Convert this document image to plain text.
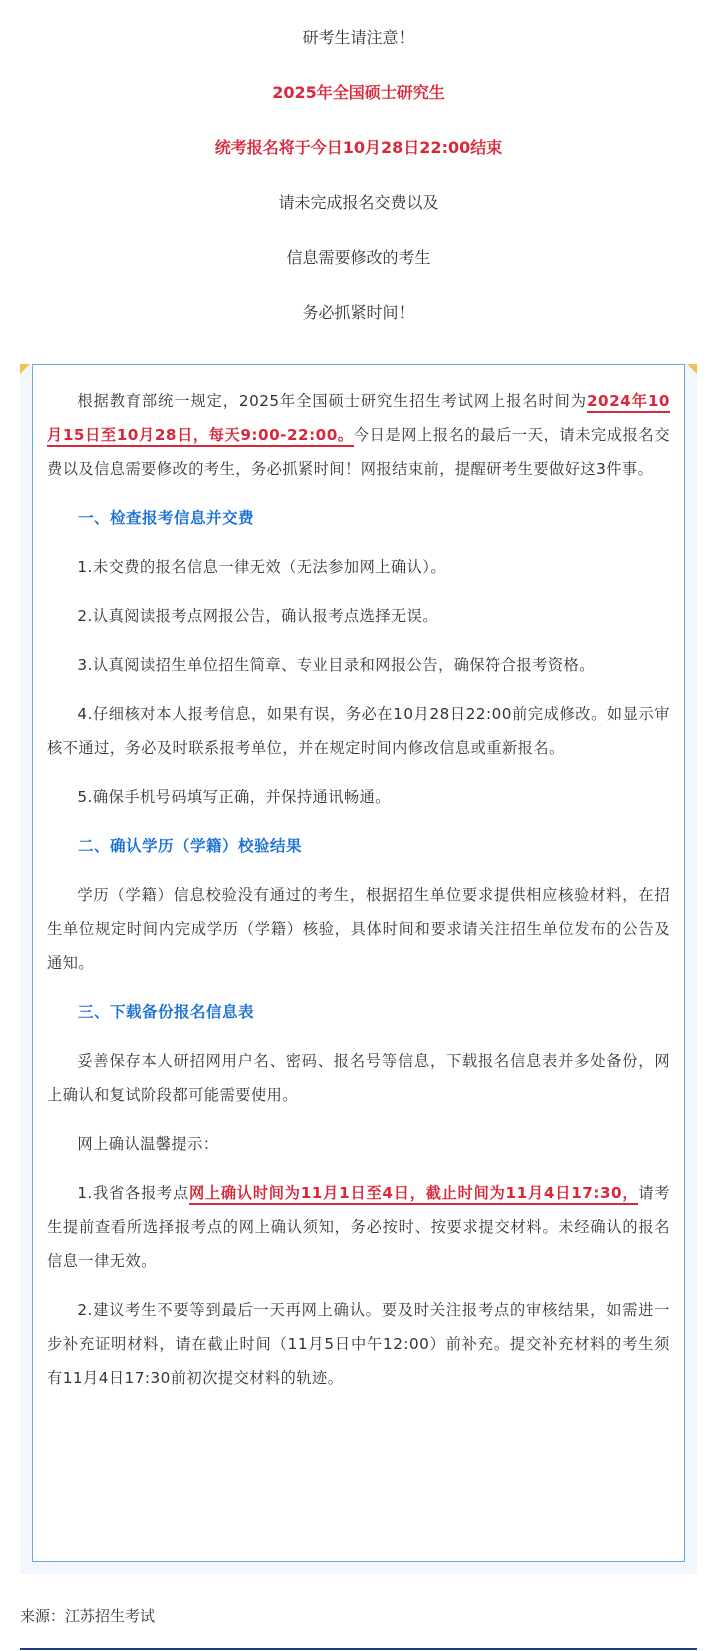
研考生请注意！
2025年全国硕士研究生
统考报名将于今日10月28日22:00结束
请未完成报名交费以及
信息需要修改的考生
务必抓紧时间！

根据教育部统一规定，2025年全国硕士研究生招生考试网上报名时间为2024年10月15日至10月28日，每天9:00-22:00。今日是网上报名的最后一天，请未完成报名交费以及信息需要修改的考生，务必抓紧时间！网报结束前，提醒研考生要做好这3件事。

一、检查报考信息并交费

1.未交费的报名信息一律无效（无法参加网上确认）。

2.认真阅读报考点网报公告，确认报考点选择无误。

3.认真阅读招生单位招生简章、专业目录和网报公告，确保符合报考资格。

4.仔细核对本人报考信息，如果有误，务必在10月28日22:00前完成修改。如显示审核不通过，务必及时联系报考单位，并在规定时间内修改信息或重新报名。

5.确保手机号码填写正确，并保持通讯畅通。

二、确认学历（学籍）校验结果

学历（学籍）信息校验没有通过的考生，根据招生单位要求提供相应核验材料，在招生单位规定时间内完成学历（学籍）核验，具体时间和要求请关注招生单位发布的公告及通知。

三、下载备份报名信息表

妥善保存本人研招网用户名、密码、报名号等信息，下载报名信息表并多处备份，网上确认和复试阶段都可能需要使用。

网上确认温馨提示：

1.我省各报考点网上确认时间为11月1日至4日，截止时间为11月4日17:30，请考生提前查看所选择报考点的网上确认须知，务必按时、按要求提交材料。未经确认的报名信息一律无效。

2.建议考生不要等到最后一天再网上确认。要及时关注报考点的审核结果，如需进一步补充证明材料，请在截止时间（11月5日中午12:00）前补充。提交补充材料的考生须有11月4日17:30前初次提交材料的轨迹。

来源：江苏招生考试
